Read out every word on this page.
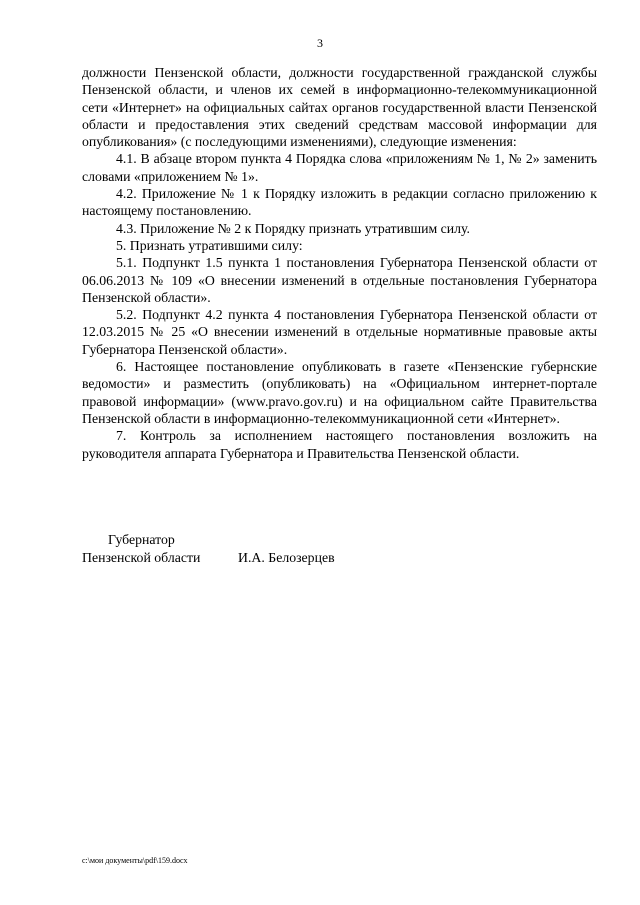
3

должности Пензенской области, должности государственной гражданской службы Пензенской области, и членов их семей в информационно-телекоммуникационной сети «Интернет» на официальных сайтах органов государственной власти Пензенской области и предоставления этих сведений средствам массовой информации для опубликования» (с последующими изменениями), следующие изменения:

4.1. В абзаце втором пункта 4 Порядка слова «приложениям № 1, № 2» заменить словами «приложением № 1».

4.2. Приложение № 1 к Порядку изложить в редакции согласно приложению к настоящему постановлению.

4.3. Приложение № 2 к Порядку признать утратившим силу.

5. Признать утратившими силу:

5.1. Подпункт 1.5 пункта 1 постановления Губернатора Пензенской области от 06.06.2013 № 109 «О внесении изменений в отдельные постановления Губернатора Пензенской области».

5.2. Подпункт 4.2 пункта 4 постановления Губернатора Пензенской области от 12.03.2015 № 25 «О внесении изменений в отдельные нормативные правовые акты Губернатора Пензенской области».

6. Настоящее постановление опубликовать в газете «Пензенские губернские ведомости» и разместить (опубликовать) на «Официальном интернет-портале правовой информации» (www.pravo.gov.ru) и на официальном сайте Правительства Пензенской области в информационно-телекоммуникационной сети «Интернет».

7. Контроль за исполнением настоящего постановления возложить на руководителя аппарата Губернатора и Правительства Пензенской области.

Губернатор
Пензенской области	И.А. Белозерцев
c:\мои документы\pdf\159.docx
